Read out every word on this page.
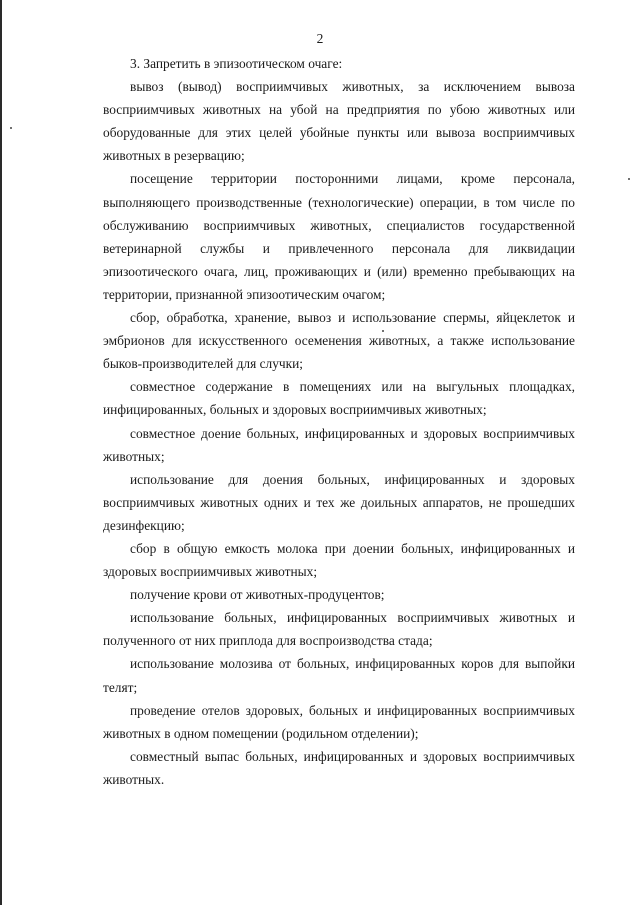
2

3. Запретить в эпизоотическом очаге:

вывоз (вывод) восприимчивых животных, за исключением вывоза восприимчивых животных на убой на предприятия по убою животных или оборудованные для этих целей убойные пункты или вывоза восприимчивых животных в резервацию;

посещение территории посторонними лицами, кроме персонала, выполняющего производственные (технологические) операции, в том числе по обслуживанию восприимчивых животных, специалистов государственной ветеринарной службы и привлеченного персонала для ликвидации эпизоотического очага, лиц, проживающих и (или) временно пребывающих на территории, признанной эпизоотическим очагом;

сбор, обработка, хранение, вывоз и использование спермы, яйцеклеток и эмбрионов для искусственного осеменения животных, а также использование быков-производителей для случки;

совместное содержание в помещениях или на выгульных площадках, инфицированных, больных и здоровых восприимчивых животных;

совместное доение больных, инфицированных и здоровых восприимчивых животных;

использование для доения больных, инфицированных и здоровых восприимчивых животных одних и тех же доильных аппаратов, не прошедших дезинфекцию;

сбор в общую емкость молока при доении больных, инфицированных и здоровых восприимчивых животных;

получение крови от животных-продуцентов;

использование больных, инфицированных восприимчивых животных и полученного от них приплода для воспроизводства стада;

использование молозива от больных, инфицированных коров для выпойки телят;

проведение отелов здоровых, больных и инфицированных восприимчивых животных в одном помещении (родильном отделении);

совместный выпас больных, инфицированных и здоровых восприимчивых животных.
